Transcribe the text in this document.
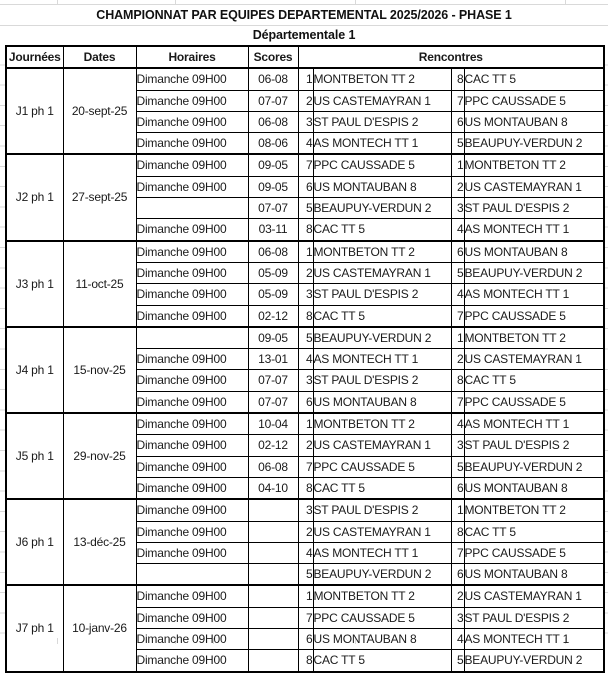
CHAMPIONNAT PAR EQUIPES DEPARTEMENTAL 2025/2026 - PHASE 1
Départementale 1
Journées	Dates	Horaires	Scores	Rencontres			
J1 ph 1	20-sept-25	Dimanche 09H00	06-08	1	MONTBETON TT 2	8	CAC TT 5
		Dimanche 09H00	07-07	2	US CASTEMAYRAN 1	7	PPC CAUSSADE 5
		Dimanche 09H00	06-08	3	ST PAUL D'ESPIS 2	6	US MONTAUBAN 8
		Dimanche 09H00	08-06	4	AS MONTECH TT 1	5	BEAUPUY-VERDUN 2
J2 ph 1	27-sept-25	Dimanche 09H00	09-05	7	PPC CAUSSADE 5	1	MONTBETON TT 2
		Dimanche 09H00	09-05	6	US MONTAUBAN 8	2	US CASTEMAYRAN 1
			07-07	5	BEAUPUY-VERDUN 2	3	ST PAUL D'ESPIS 2
		Dimanche 09H00	03-11	8	CAC TT 5	4	AS MONTECH TT 1
J3 ph 1	11-oct-25	Dimanche 09H00	06-08	1	MONTBETON TT 2	6	US MONTAUBAN 8
		Dimanche 09H00	05-09	2	US CASTEMAYRAN 1	5	BEAUPUY-VERDUN 2
		Dimanche 09H00	05-09	3	ST PAUL D'ESPIS 2	4	AS MONTECH TT 1
		Dimanche 09H00	02-12	8	CAC TT 5	7	PPC CAUSSADE 5
J4 ph 1	15-nov-25		09-05	5	BEAUPUY-VERDUN 2	1	MONTBETON TT 2
		Dimanche 09H00	13-01	4	AS MONTECH TT 1	2	US CASTEMAYRAN 1
		Dimanche 09H00	07-07	3	ST PAUL D'ESPIS 2	8	CAC TT 5
		Dimanche 09H00	07-07	6	US MONTAUBAN 8	7	PPC CAUSSADE 5
J5 ph 1	29-nov-25	Dimanche 09H00	10-04	1	MONTBETON TT 2	4	AS MONTECH TT 1
		Dimanche 09H00	02-12	2	US CASTEMAYRAN 1	3	ST PAUL D'ESPIS 2
		Dimanche 09H00	06-08	7	PPC CAUSSADE 5	5	BEAUPUY-VERDUN 2
		Dimanche 09H00	04-10	8	CAC TT 5	6	US MONTAUBAN 8
J6 ph 1	13-déc-25	Dimanche 09H00		3	ST PAUL D'ESPIS 2	1	MONTBETON TT 2
		Dimanche 09H00		2	US CASTEMAYRAN 1	8	CAC TT 5
		Dimanche 09H00		4	AS MONTECH TT 1	7	PPC CAUSSADE 5
				5	BEAUPUY-VERDUN 2	6	US MONTAUBAN 8
J7 ph 1	10-janv-26	Dimanche 09H00		1	MONTBETON TT 2	2	US CASTEMAYRAN 1
		Dimanche 09H00		7	PPC CAUSSADE 5	3	ST PAUL D'ESPIS 2
		Dimanche 09H00		6	US MONTAUBAN 8	4	AS MONTECH TT 1
		Dimanche 09H00		8	CAC TT 5	5	BEAUPUY-VERDUN 2
